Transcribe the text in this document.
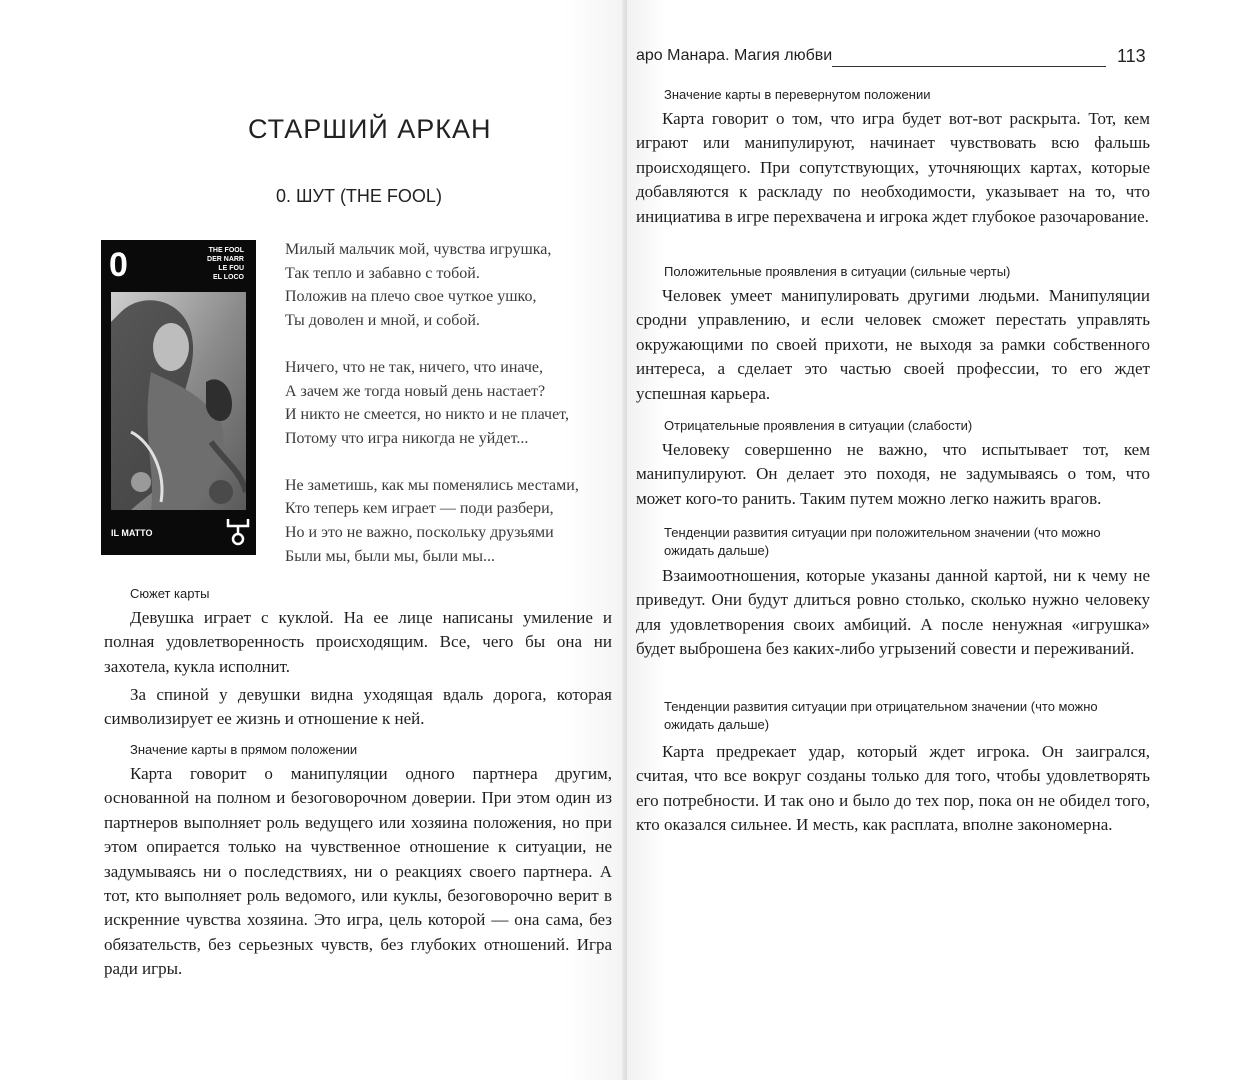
СТАРШИЙ АРКАН
0. ШУТ (THE FOOL)
0	THE FOOL
DER NARR
LE FOU
EL LOCO
IL MATTO
Милый мальчик мой, чувства игрушка,
Так тепло и забавно с тобой.
Положив на плечо свое чуткое ушко,
Ты доволен и мной, и собой.
Ничего, что не так, ничего, что иначе,
А зачем же тогда новый день настает?
И никто не смеется, но никто и не плачет,
Потому что игра никогда не уйдет...
Не заметишь, как мы поменялись местами,
Кто теперь кем играет — поди разбери,
Но и это не важно, поскольку друзьями
Были мы, были мы, были мы...
Сюжет карты
Девушка играет с куклой. На ее лице написаны умиление и полная удовлетворенность происходящим. Все, чего бы она ни захотела, кукла исполнит.
За спиной у девушки видна уходящая вдаль дорога, которая символизирует ее жизнь и отношение к ней.
Значение карты в прямом положении
Карта говорит о манипуляции одного партнера другим, основанной на полном и безоговорочном доверии. При этом один из партнеров выполняет роль ведущего или хозяина положения, но при этом опирается только на чувственное отношение к ситуации, не задумываясь ни о последствиях, ни о реакциях своего партнера. А тот, кто выполняет роль ведомого, или куклы, безоговорочно верит в искренние чувства хозяина. Это игра, цель которой — она сама, без обязательств, без серьезных чувств, без глубоких отношений. Игра ради игры.
аро Манара. Магия любви	113
Значение карты в перевернутом положении
Карта говорит о том, что игра будет вот-вот раскрыта. Тот, кем играют или манипулируют, начинает чувствовать всю фальшь происходящего. При сопутствующих, уточняющих картах, которые добавляются к раскладу по необходимости, указывает на то, что инициатива в игре перехвачена и игрока ждет глубокое разочарование.
Положительные проявления в ситуации (сильные черты)
Человек умеет манипулировать другими людьми. Манипуляции сродни управлению, и если человек сможет перестать управлять окружающими по своей прихоти, не выходя за рамки собственного интереса, а сделает это частью своей профессии, то его ждет успешная карьера.
Отрицательные проявления в ситуации (слабости)
Человеку совершенно не важно, что испытывает тот, кем манипулируют. Он делает это походя, не задумываясь о том, что может кого-то ранить. Таким путем можно легко нажить врагов.
Тенденции развития ситуации при положительном значении (что можно ожидать дальше)
Взаимоотношения, которые указаны данной картой, ни к чему не приведут. Они будут длиться ровно столько, сколько нужно человеку для удовлетворения своих амбиций. А после ненужная «игрушка» будет выброшена без каких-либо угрызений совести и переживаний.
Тенденции развития ситуации при отрицательном значении (что можно ожидать дальше)
Карта предрекает удар, который ждет игрока. Он заигрался, считая, что все вокруг созданы только для того, чтобы удовлетворять его потребности. И так оно и было до тех пор, пока он не обидел того, кто оказался сильнее. И месть, как расплата, вполне закономерна.
